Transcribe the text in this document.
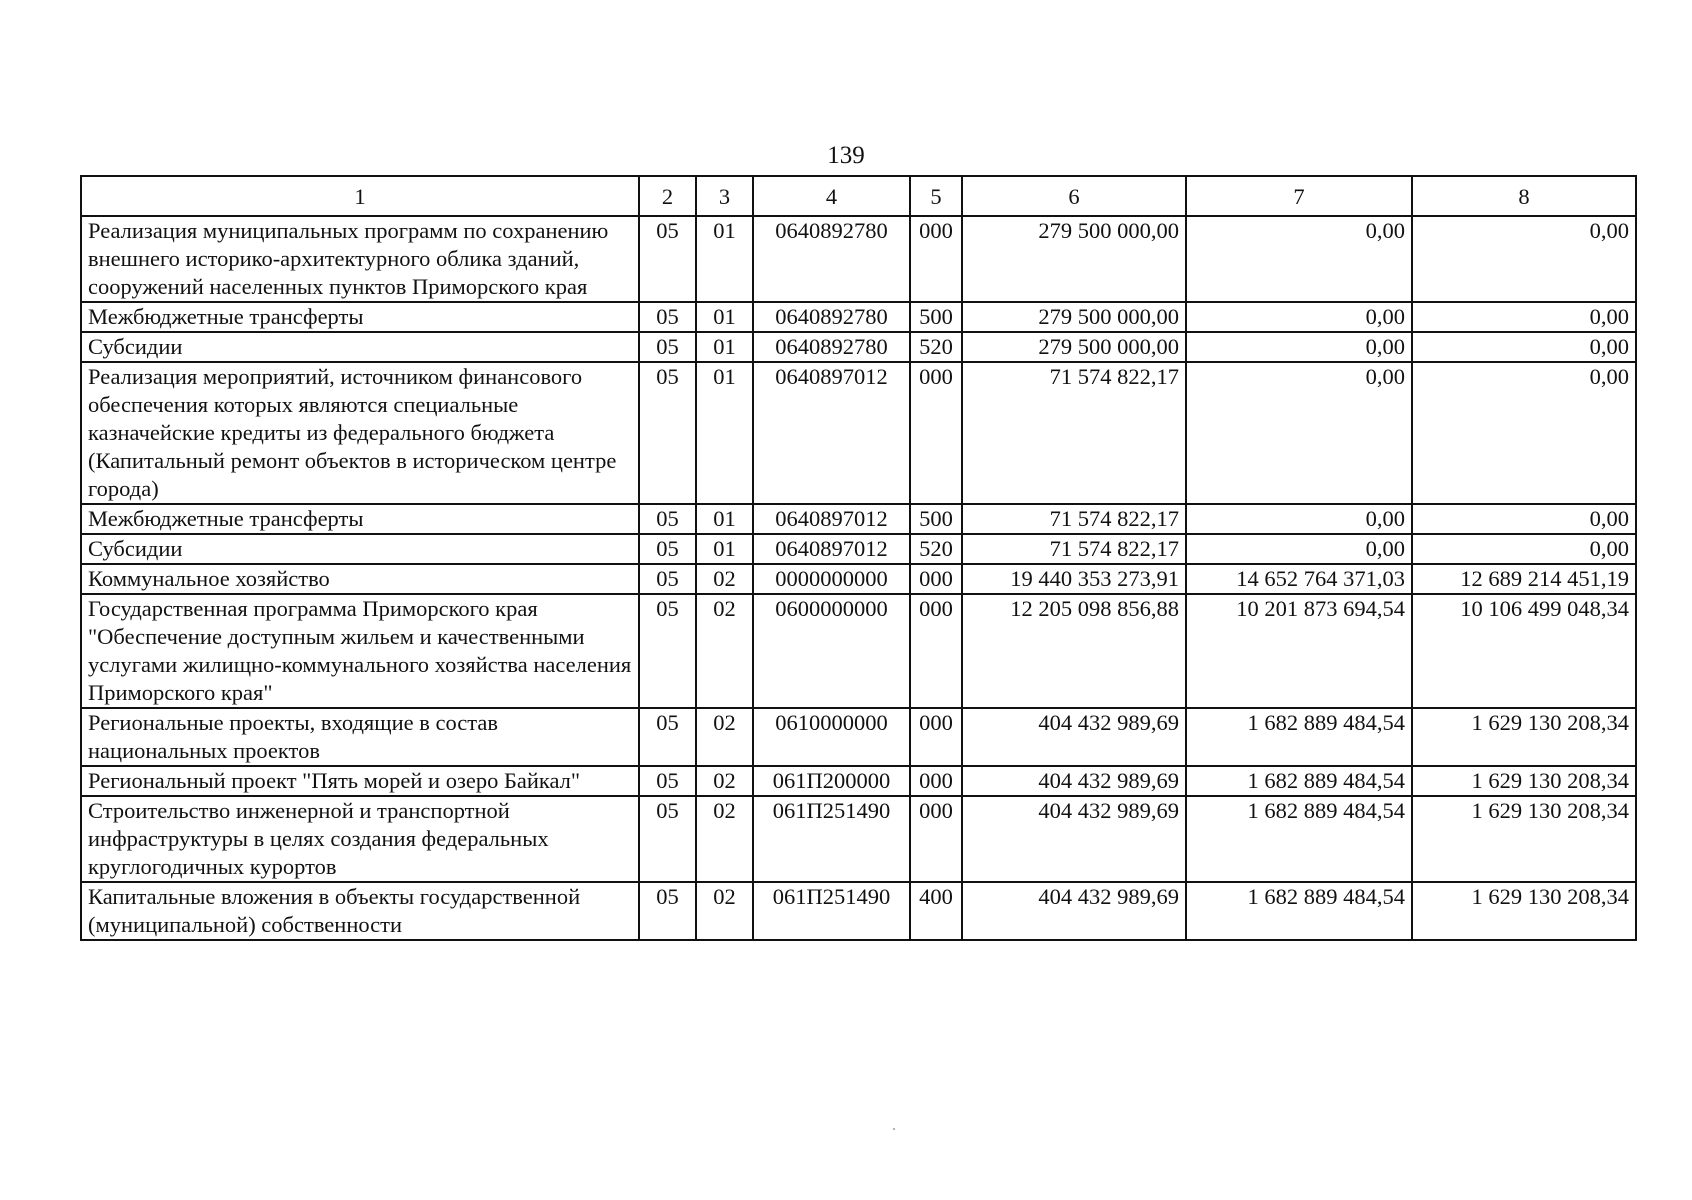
139
1	2	3	4	5	6	7	8
Реализация муниципальных программ по сохранению внешнего историко-архитектурного облика зданий, сооружений населенных пунктов Приморского края	05	01	0640892780	000	279 500 000,00	0,00	0,00
Межбюджетные трансферты	05	01	0640892780	500	279 500 000,00	0,00	0,00
Субсидии	05	01	0640892780	520	279 500 000,00	0,00	0,00
Реализация мероприятий, источником финансового обеспечения которых являются специальные казначейские кредиты из федерального бюджета (Капитальный ремонт объектов в историческом центре города)	05	01	0640897012	000	71 574 822,17	0,00	0,00
Межбюджетные трансферты	05	01	0640897012	500	71 574 822,17	0,00	0,00
Субсидии	05	01	0640897012	520	71 574 822,17	0,00	0,00
Коммунальное хозяйство	05	02	0000000000	000	19 440 353 273,91	14 652 764 371,03	12 689 214 451,19
Государственная программа Приморского края "Обеспечение доступным жильем и качественными услугами жилищно-коммунального хозяйства населения Приморского края"	05	02	0600000000	000	12 205 098 856,88	10 201 873 694,54	10 106 499 048,34
Региональные проекты, входящие в состав национальных проектов	05	02	0610000000	000	404 432 989,69	1 682 889 484,54	1 629 130 208,34
Региональный проект "Пять морей и озеро Байкал"	05	02	061П200000	000	404 432 989,69	1 682 889 484,54	1 629 130 208,34
Строительство инженерной и транспортной инфраструктуры в целях создания федеральных круглогодичных курортов	05	02	061П251490	000	404 432 989,69	1 682 889 484,54	1 629 130 208,34
Капитальные вложения в объекты государственной (муниципальной) собственности	05	02	061П251490	400	404 432 989,69	1 682 889 484,54	1 629 130 208,34
